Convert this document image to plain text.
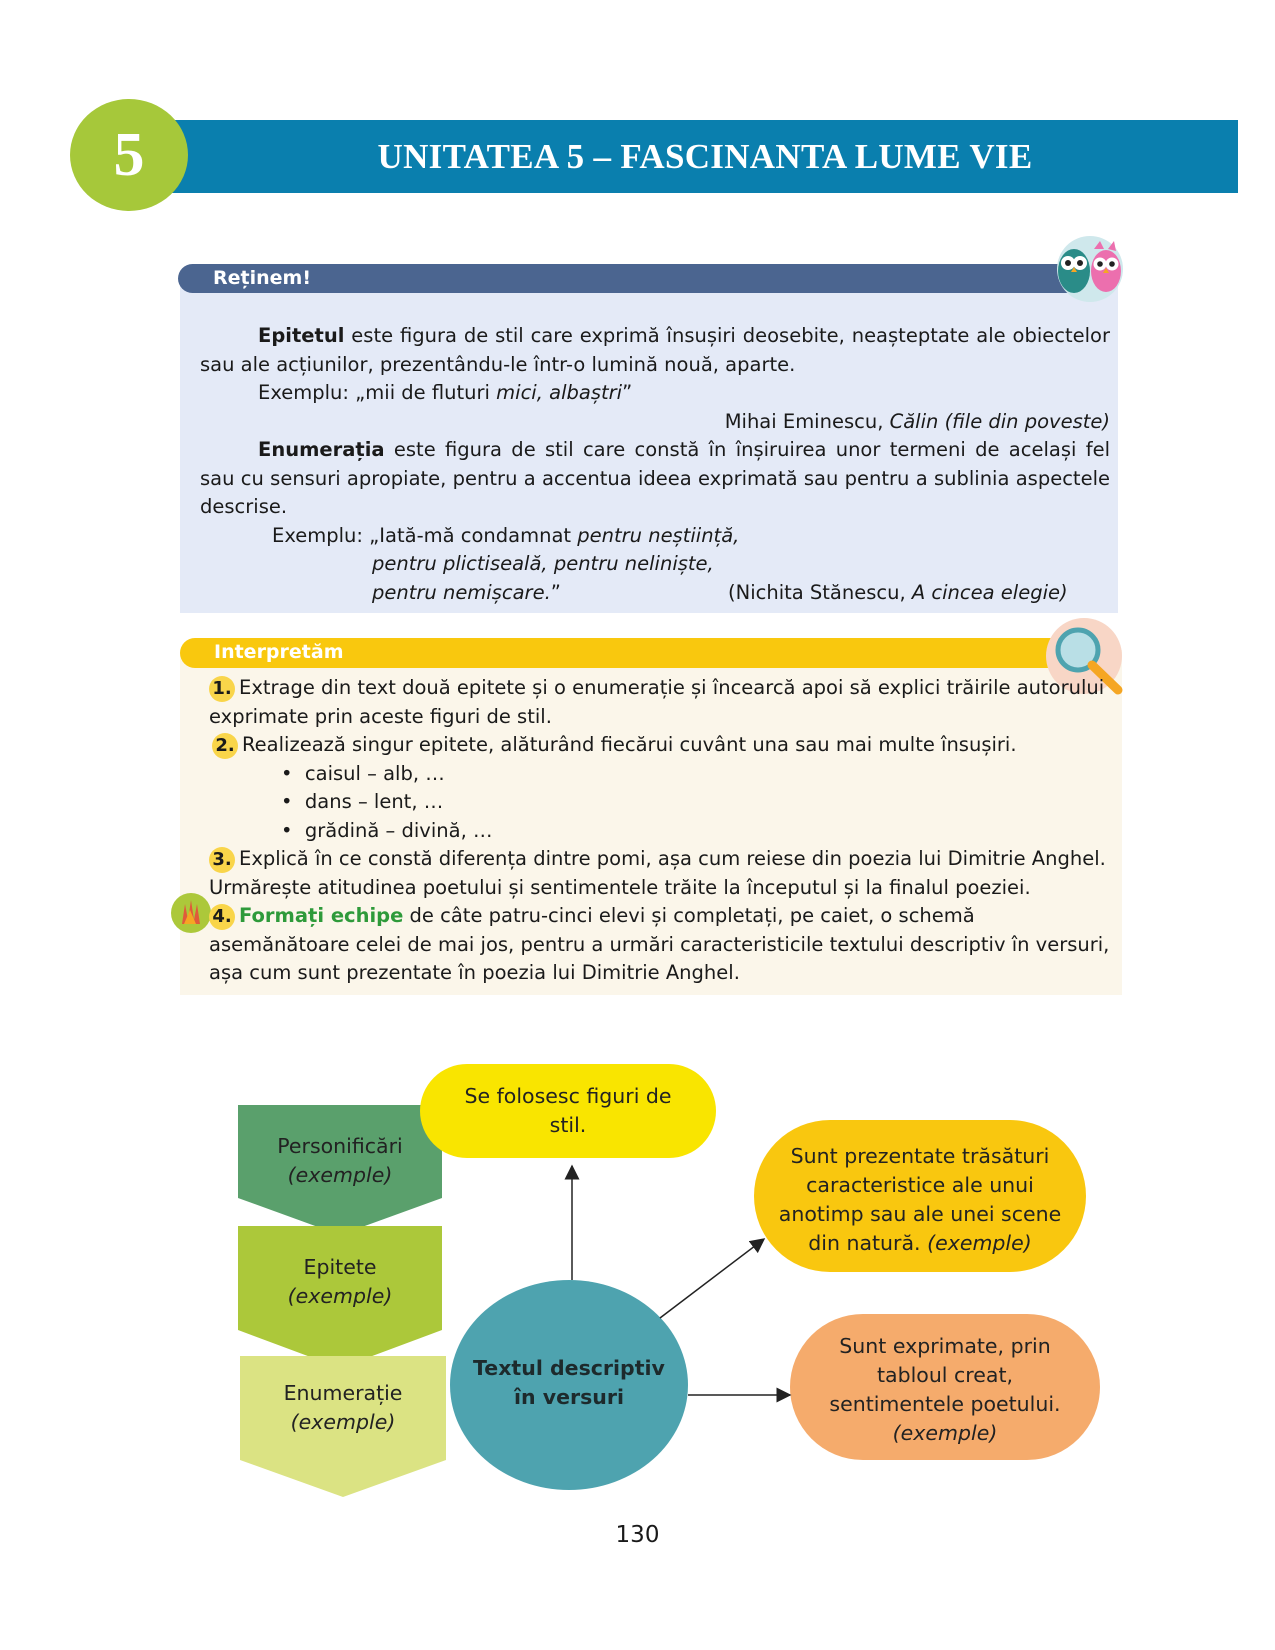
UNITATEA 5 – FASCINANTA LUME VIE
5
Reținem!

Epitetul este figura de stil care exprimă însușiri deosebite, neașteptate ale obiectelor sau ale acțiunilor, prezentându-le într-o lumină nouă, aparte.

Exemplu: „mii de fluturi mici, albaștri”

Mihai Eminescu, Călin (file din poveste)

Enumerația este figura de stil care constă în înșiruirea unor termeni de același fel sau cu sensuri apropiate, pentru a accentua ideea exprimată sau pentru a sublinia aspectele descrise.

Exemplu: „Iată-mă condamnat pentru neștiință,

pentru plictiseală, pentru neliniște,

pentru nemișcare.”	(Nichita Stănescu, A cincea elegie)

Interpretăm

1. Extrage din text două epitete și o enumerație și încearcă apoi să explici trăirile autorului exprimate prin aceste figuri de stil.

2. Realizează singur epitete, alăturând fiecărui cuvânt una sau mai multe însușiri.

•  caisul – alb, …

•  dans – lent, …

•  grădină – divină, …

3. Explică în ce constă diferența dintre pomi, așa cum reiese din poezia lui Dimitrie Anghel. Urmărește atitudinea poetului și sentimentele trăite la începutul și la finalul poeziei.

4. Formați echipe de câte patru-cinci elevi și completați, pe caiet, o schemă asemănătoare celei de mai jos, pentru a urmări caracteristicile textului descriptiv în versuri, așa cum sunt prezentate în poezia lui Dimitrie Anghel.

Personificări
(exemple)
Epitete
(exemple)
Enumerație
(exemple)
Se folosesc figuri de stil.
Sunt prezentate trăsături caracteristice ale unui anotimp sau ale unei scene din natură. (exemple)
Sunt exprimate, prin tabloul creat, sentimentele poetului.
(exemple)
Textul descriptiv în versuri
130
